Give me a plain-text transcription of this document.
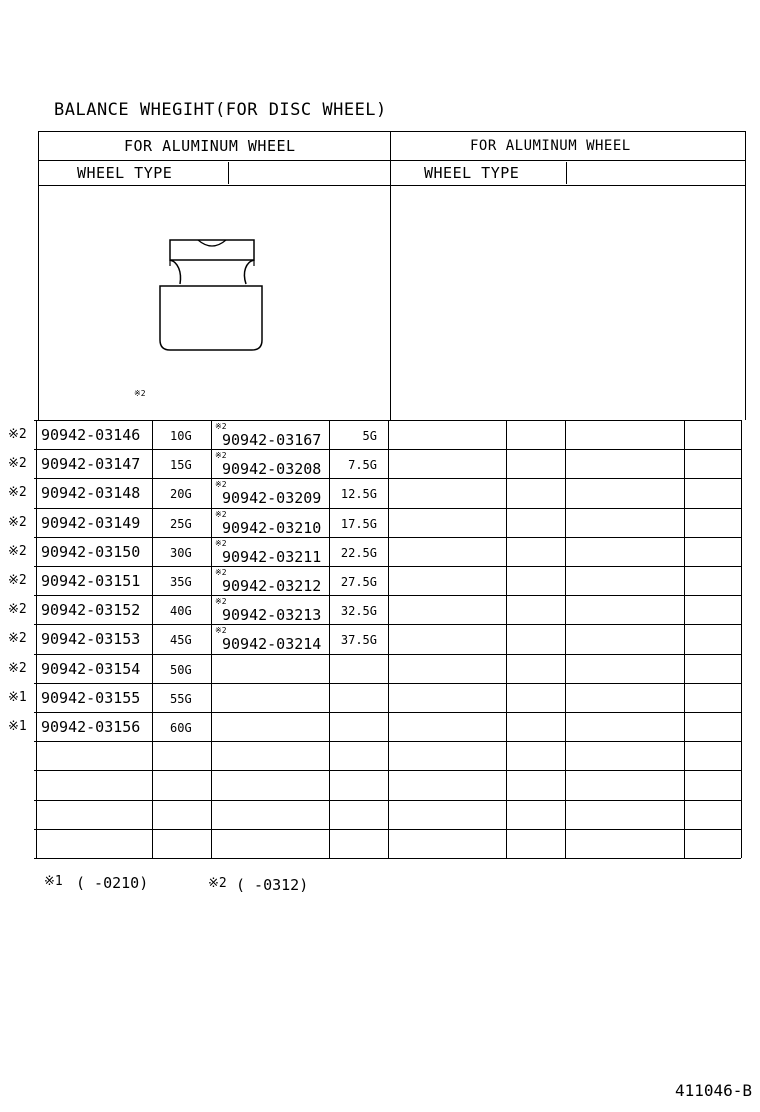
BALANCE WHEGIHT(FOR DISC WHEEL)
FOR ALUMINUM WHEEL
WHEEL TYPE
FOR ALUMINUM WHEEL
WHEEL TYPE
※2
※1 ( -0210)	※2 ( -0312)
411046-B
※2 90942-03146 10G
※2
90942-03167	5G
※2 90942-03147 15G
※2
90942-03208 7.5G
※2 90942-03148 20G
※2
90942-03209 12.5G
※2 90942-03149 25G
※2
90942-03210 17.5G
※2 90942-03150 30G
※2
90942-03211 22.5G
※2 90942-03151 35G
※2
90942-03212 27.5G
※2 90942-03152 40G
※2
90942-03213 32.5G
※2 90942-03153 45G
※2
90942-03214 37.5G
※2 90942-03154 50G
※1 90942-03155 55G
※1 90942-03156 60G
